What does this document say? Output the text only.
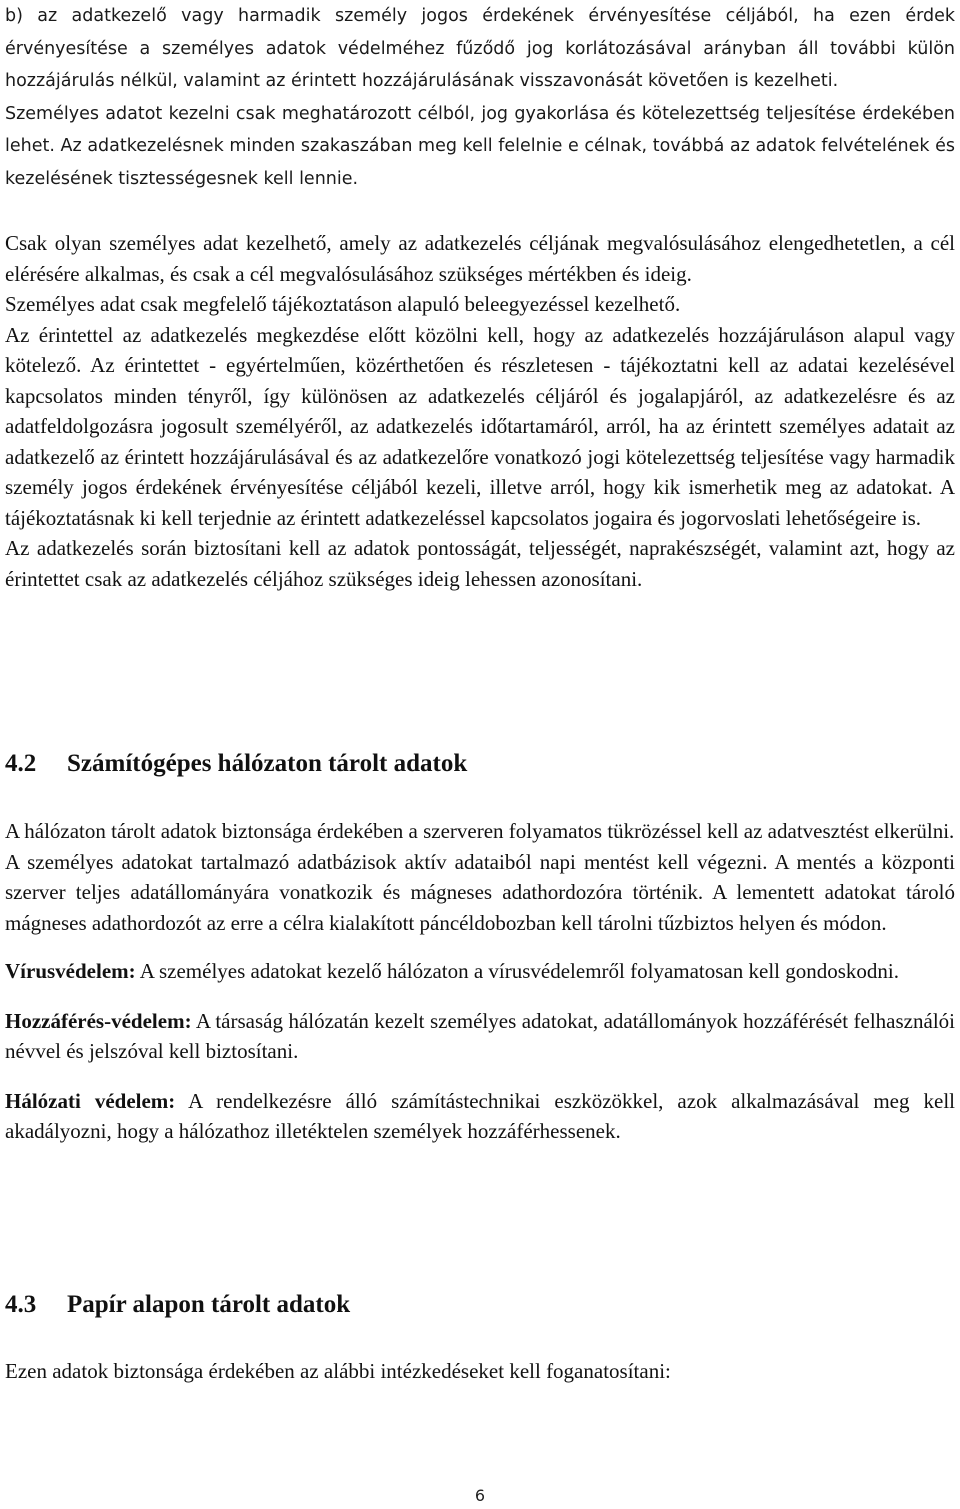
b) az adatkezelő vagy harmadik személy jogos érdekének érvényesítése céljából, ha ezen érdek érvényesítése a személyes adatok védelméhez fűződő jog korlátozásával arányban áll további külön hozzájárulás nélkül, valamint az érintett hozzájárulásának visszavonását követően is kezelheti.

Személyes adatot kezelni csak meghatározott célból, jog gyakorlása és kötelezettség teljesítése érdekében lehet. Az adatkezelésnek minden szakaszában meg kell felelnie e célnak, továbbá az adatok felvételének és kezelésének tisztességesnek kell lennie.

Csak olyan személyes adat kezelhető, amely az adatkezelés céljának megvalósulásához elengedhetetlen, a cél elérésére alkalmas, és csak a cél megvalósulásához szükséges mértékben és ideig.

Személyes adat csak megfelelő tájékoztatáson alapuló beleegyezéssel kezelhető.

Az érintettel az adatkezelés megkezdése előtt közölni kell, hogy az adatkezelés hozzájáruláson alapul vagy kötelező. Az érintettet - egyértelműen, közérthetően és részletesen - tájékoztatni kell az adatai kezelésével kapcsolatos minden tényről, így különösen az adatkezelés céljáról és jogalapjáról, az adatkezelésre és az adatfeldolgozásra jogosult személyéről, az adatkezelés időtartamáról, arról, ha az érintett személyes adatait az adatkezelő az érintett hozzájárulásával és az adatkezelőre vonatkozó jogi kötelezettség teljesítése vagy harmadik személy jogos érdekének érvényesítése céljából kezeli, illetve arról, hogy kik ismerhetik meg az adatokat. A tájékoztatásnak ki kell terjednie az érintett adatkezeléssel kapcsolatos jogaira és jogorvoslati lehetőségeire is.

Az adatkezelés során biztosítani kell az adatok pontosságát, teljességét, naprakészségét, valamint azt, hogy az érintettet csak az adatkezelés céljához szükséges ideig lehessen azonosítani.

4.2	Számítógépes hálózaton tárolt adatok

A hálózaton tárolt adatok biztonsága érdekében a szerveren folyamatos tükrözéssel kell az adatvesztést elkerülni.

A személyes adatokat tartalmazó adatbázisok aktív adataiból napi mentést kell végezni. A mentés a központi szerver teljes adatállományára vonatkozik és mágneses adathordozóra történik. A lementett adatokat tároló mágneses adathordozót az erre a célra kialakított páncéldobozban kell tárolni tűzbiztos helyen és módon.

Vírusvédelem: A személyes adatokat kezelő hálózaton a vírusvédelemről folyamatosan kell gondoskodni.

Hozzáférés-védelem: A társaság hálózatán kezelt személyes adatokat, adatállományok hozzáférését felhasználói névvel és jelszóval kell biztosítani.

Hálózati védelem: A rendelkezésre álló számítástechnikai eszközökkel, azok alkalmazásával meg kell akadályozni, hogy a hálózathoz illetéktelen személyek hozzáférhessenek.

4.3	Papír alapon tárolt adatok

Ezen adatok biztonsága érdekében az alábbi intézkedéseket kell foganatosítani:

6
